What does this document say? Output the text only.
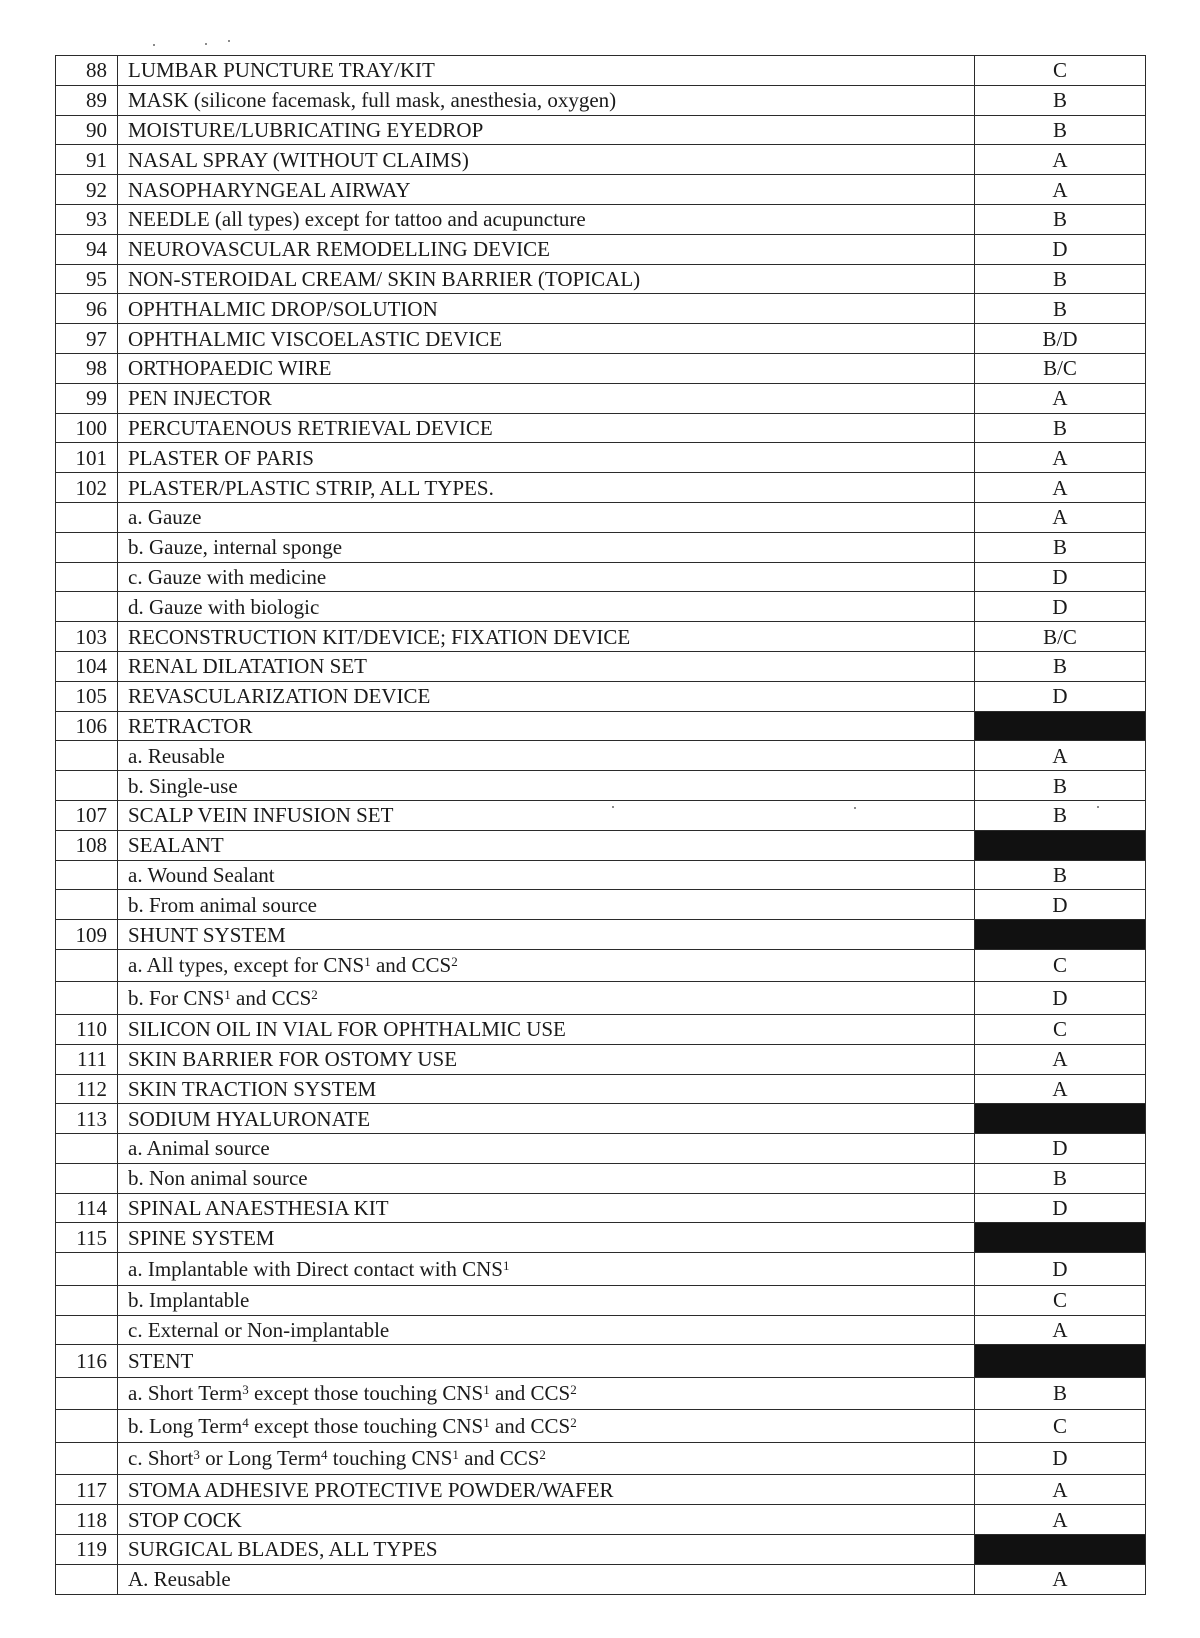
88	LUMBAR PUNCTURE TRAY/KIT	C
89	MASK (silicone facemask, full mask, anesthesia, oxygen)	B
90	MOISTURE/LUBRICATING EYEDROP	B
91	NASAL SPRAY (WITHOUT CLAIMS)	A
92	NASOPHARYNGEAL AIRWAY	A
93	NEEDLE (all types) except for tattoo and acupuncture	B
94	NEUROVASCULAR REMODELLING DEVICE	D
95	NON-STEROIDAL CREAM/ SKIN BARRIER (TOPICAL)	B
96	OPHTHALMIC DROP/SOLUTION	B
97	OPHTHALMIC VISCOELASTIC DEVICE	B/D
98	ORTHOPAEDIC WIRE	B/C
99	PEN INJECTOR	A
100	PERCUTAENOUS RETRIEVAL DEVICE	B
101	PLASTER OF PARIS	A
102	PLASTER/PLASTIC STRIP, ALL TYPES.	A
	a. Gauze	A
	b. Gauze, internal sponge	B
	c. Gauze with medicine	D
	d. Gauze with biologic	D
103	RECONSTRUCTION KIT/DEVICE; FIXATION DEVICE	B/C
104	RENAL DILATATION SET	B
105	REVASCULARIZATION DEVICE	D
106	RETRACTOR	
	a. Reusable	A
	b. Single-use	B
107	SCALP VEIN INFUSION SET	B
108	SEALANT	
	a. Wound Sealant	B
	b. From animal source	D
109	SHUNT SYSTEM	
	a. All types, except for CNS$^1$ and CCS$^2$	C
	b. For CNS$^1$ and CCS$^2$	D
110	SILICON OIL IN VIAL FOR OPHTHALMIC USE	C
111	SKIN BARRIER FOR OSTOMY USE	A
112	SKIN TRACTION SYSTEM	A
113	SODIUM HYALURONATE	
	a. Animal source	D
	b. Non animal source	B
114	SPINAL ANAESTHESIA KIT	D
115	SPINE SYSTEM	
	a. Implantable with Direct contact with CNS$^1$	D
	b. Implantable	C
	c. External or Non-implantable	A
116	STENT	
	a. Short Term$^3$ except those touching CNS$^1$ and CCS$^2$	B
	b. Long Term$^4$ except those touching CNS$^1$ and CCS$^2$	C
	c. Short$^3$ or Long Term$^4$ touching CNS$^1$ and CCS$^2$	D
117	STOMA ADHESIVE PROTECTIVE POWDER/WAFER	A
118	STOP COCK	A
119	SURGICAL BLADES, ALL TYPES	
	A. Reusable	A
